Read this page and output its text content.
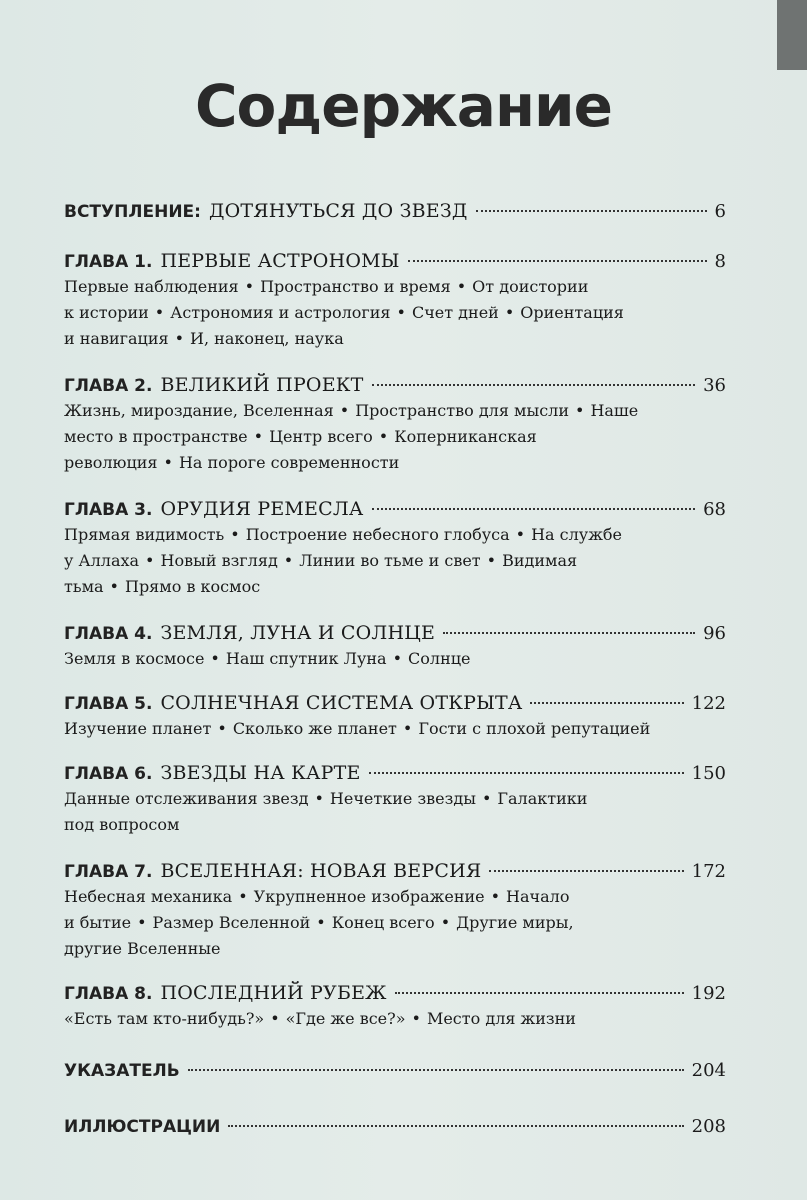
Содержание
ВСТУПЛЕНИЕ: ДОТЯНУТЬСЯ ДО ЗВЕЗД	6
ГЛАВА 1. ПЕРВЫЕ АСТРОНОМЫ	8
Первые наблюдения • Пространство и время • От доистории
к истории • Астрономия и астрология • Счет дней • Ориентация
и навигация • И, наконец, наука
ГЛАВА 2. ВЕЛИКИЙ ПРОЕКТ	36
Жизнь, мироздание, Вселенная • Пространство для мысли • Наше
место в пространстве • Центр всего • Коперниканская
революция • На пороге современности
ГЛАВА 3. ОРУДИЯ РЕМЕСЛА	68
Прямая видимость • Построение небесного глобуса • На службе
у Аллаха • Новый взгляд • Линии во тьме и свет • Видимая
тьма • Прямо в космос
ГЛАВА 4. ЗЕМЛЯ, ЛУНА И СОЛНЦЕ	96
Земля в космосе • Наш спутник Луна • Солнце
ГЛАВА 5. СОЛНЕЧНАЯ СИСТЕМА ОТКРЫТА	122
Изучение планет • Сколько же планет • Гости с плохой репутацией
ГЛАВА 6. ЗВЕЗДЫ НА КАРТЕ	150
Данные отслеживания звезд • Нечеткие звезды • Галактики
под вопросом
ГЛАВА 7. ВСЕЛЕННАЯ: НОВАЯ ВЕРСИЯ	172
Небесная механика • Укрупненное изображение • Начало
и бытие • Размер Вселенной • Конец всего • Другие миры,
другие Вселенные
ГЛАВА 8. ПОСЛЕДНИЙ РУБЕЖ	192
«Есть там кто-нибудь?» • «Где же все?» • Место для жизни
УКАЗАТЕЛЬ	204
ИЛЛЮСТРАЦИИ	208
